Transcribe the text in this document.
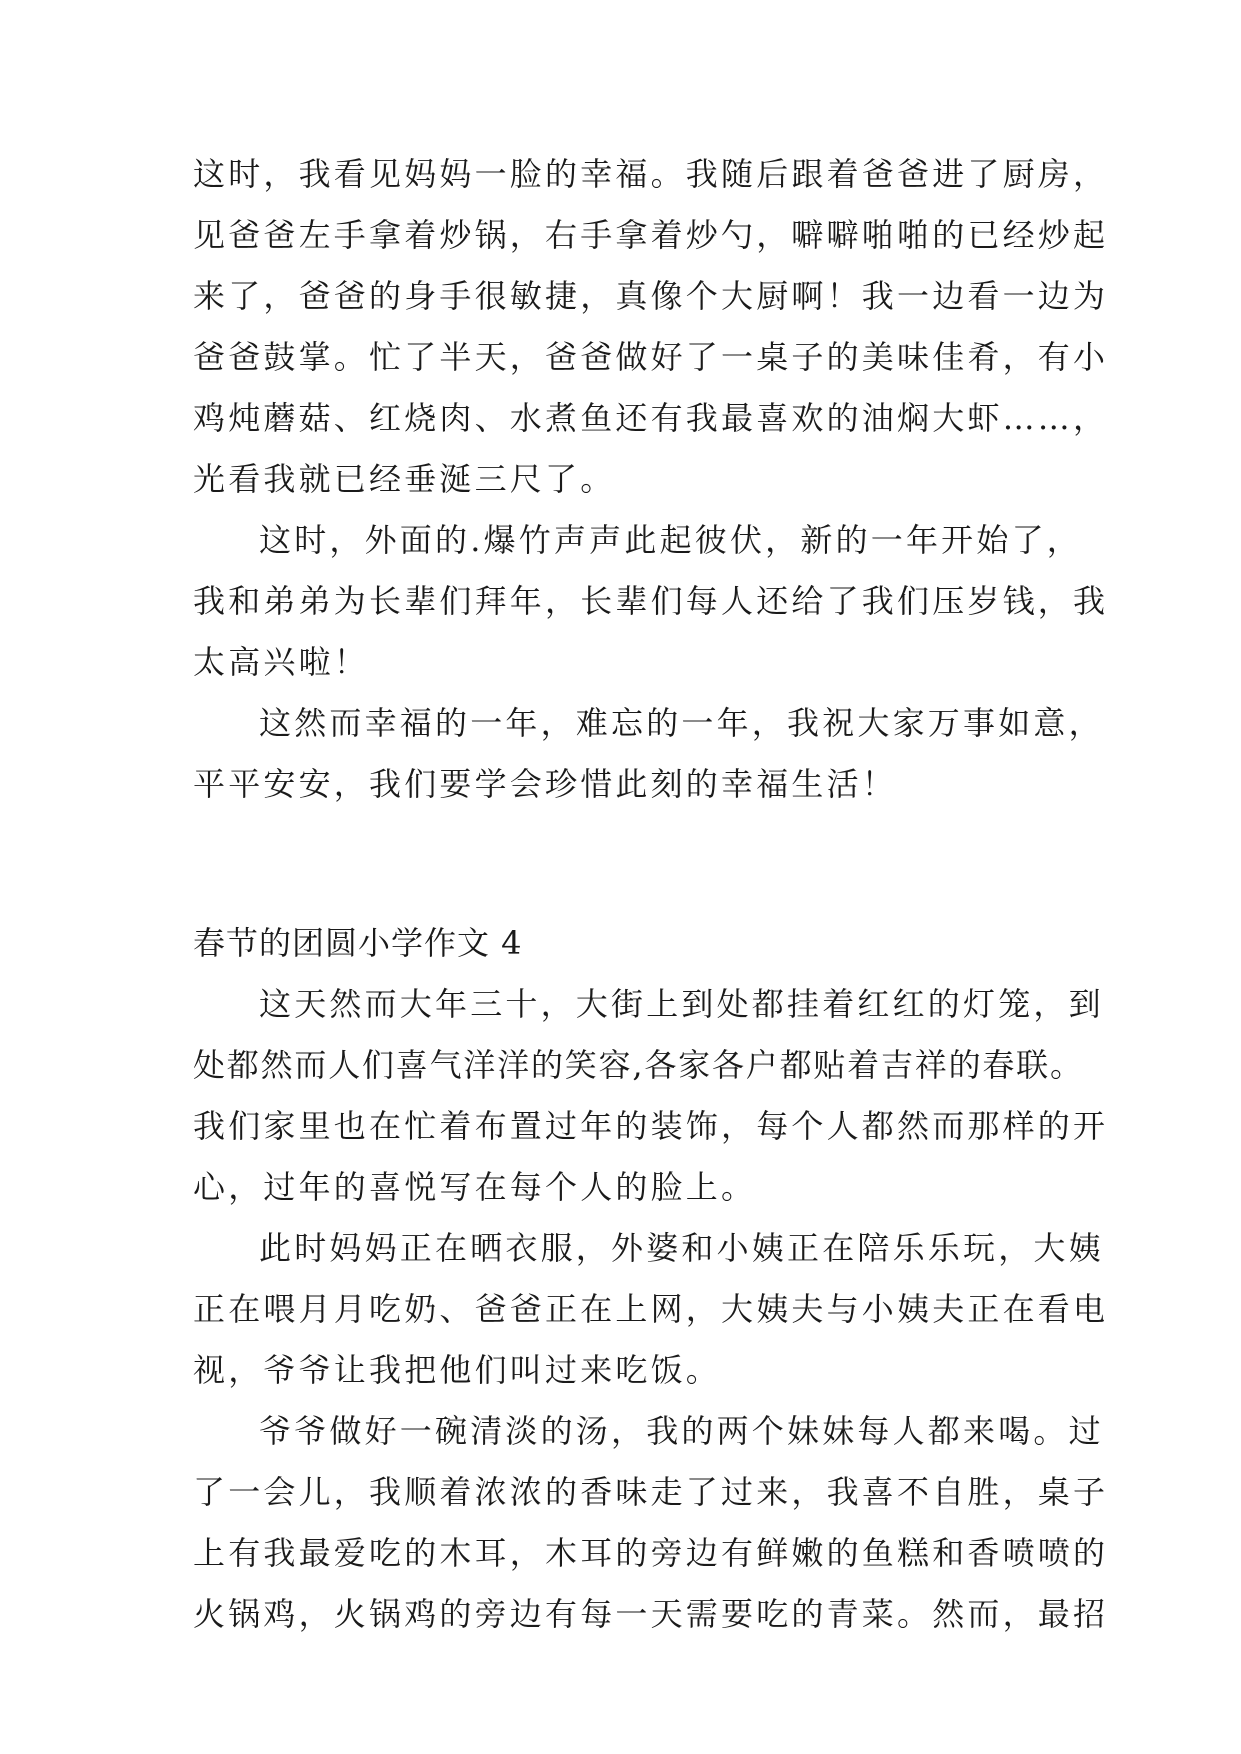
这时，我看见妈妈一脸的幸福。我随后跟着爸爸进了厨房，
见爸爸左手拿着炒锅，右手拿着炒勺，噼噼啪啪的已经炒起
来了，爸爸的身手很敏捷，真像个大厨啊！我一边看一边为
爸爸鼓掌。忙了半天，爸爸做好了一桌子的美味佳肴，有小
鸡炖蘑菇、红烧肉、水煮鱼还有我最喜欢的油焖大虾……，
光看我就已经垂涎三尺了。
这时，外面的.爆竹声声此起彼伏，新的一年开始了，
我和弟弟为长辈们拜年，长辈们每人还给了我们压岁钱，我
太高兴啦！
这然而幸福的一年，难忘的一年，我祝大家万事如意，
平平安安，我们要学会珍惜此刻的幸福生活！
春节的团圆小学作文 4
这天然而大年三十，大街上到处都挂着红红的灯笼，到
处都然而人们喜气洋洋的笑容,各家各户都贴着吉祥的春联。
我们家里也在忙着布置过年的装饰，每个人都然而那样的开
心，过年的喜悦写在每个人的脸上。
此时妈妈正在晒衣服，外婆和小姨正在陪乐乐玩，大姨
正在喂月月吃奶、爸爸正在上网，大姨夫与小姨夫正在看电
视，爷爷让我把他们叫过来吃饭。
爷爷做好一碗清淡的汤，我的两个妹妹每人都来喝。过
了一会儿，我顺着浓浓的香味走了过来，我喜不自胜，桌子
上有我最爱吃的木耳，木耳的旁边有鲜嫩的鱼糕和香喷喷的
火锅鸡，火锅鸡的旁边有每一天需要吃的青菜。然而，最招
